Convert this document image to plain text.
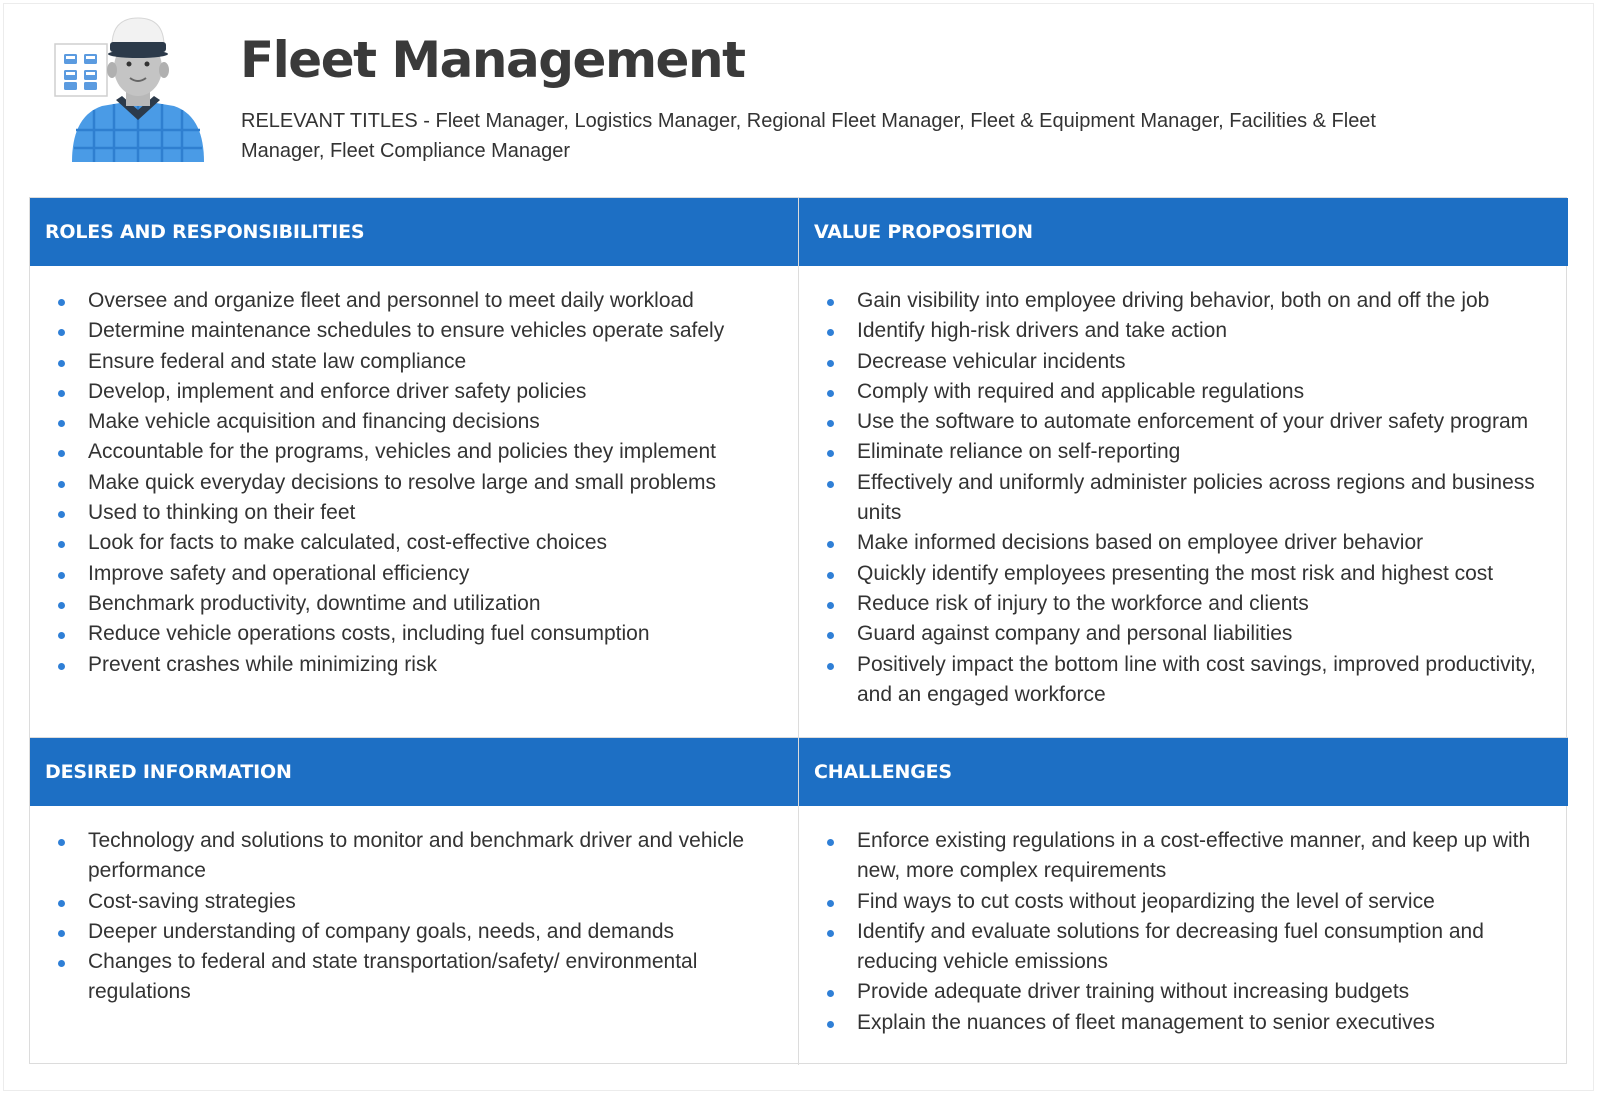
Fleet Management
RELEVANT TITLES - Fleet Manager, Logistics Manager, Regional Fleet Manager, Fleet & Equipment Manager, Facilities & Fleet Manager, Fleet Compliance Manager
ROLES AND RESPONSIBILITIES
Oversee and organize fleet and personnel to meet daily workload
Determine maintenance schedules to ensure vehicles operate safely
Ensure federal and state law compliance
Develop, implement and enforce driver safety policies
Make vehicle acquisition and financing decisions
Accountable for the programs, vehicles and policies they implement
Make quick everyday decisions to resolve large and small problems
Used to thinking on their feet
Look for facts to make calculated, cost-effective choices
Improve safety and operational efficiency
Benchmark productivity, downtime and utilization
Reduce vehicle operations costs, including fuel consumption
Prevent crashes while minimizing risk
VALUE PROPOSITION
Gain visibility into employee driving behavior, both on and off the job
Identify high-risk drivers and take action
Decrease vehicular incidents
Comply with required and applicable regulations
Use the software to automate enforcement of your driver safety program
Eliminate reliance on self-reporting
Effectively and uniformly administer policies across regions and business units
Make informed decisions based on employee driver behavior
Quickly identify employees presenting the most risk and highest cost
Reduce risk of injury to the workforce and clients
Guard against company and personal liabilities
Positively impact the bottom line with cost savings, improved productivity, and an engaged workforce
DESIRED INFORMATION
Technology and solutions to monitor and benchmark driver and vehicle performance
Cost-saving strategies
Deeper understanding of company goals, needs, and demands
Changes to federal and state transportation/safety/ environmental regulations
CHALLENGES
Enforce existing regulations in a cost-effective manner, and keep up with new, more complex requirements
Find ways to cut costs without jeopardizing the level of service
Identify and evaluate solutions for decreasing fuel consumption and reducing vehicle emissions
Provide adequate driver training without increasing budgets
Explain the nuances of fleet management to senior executives
